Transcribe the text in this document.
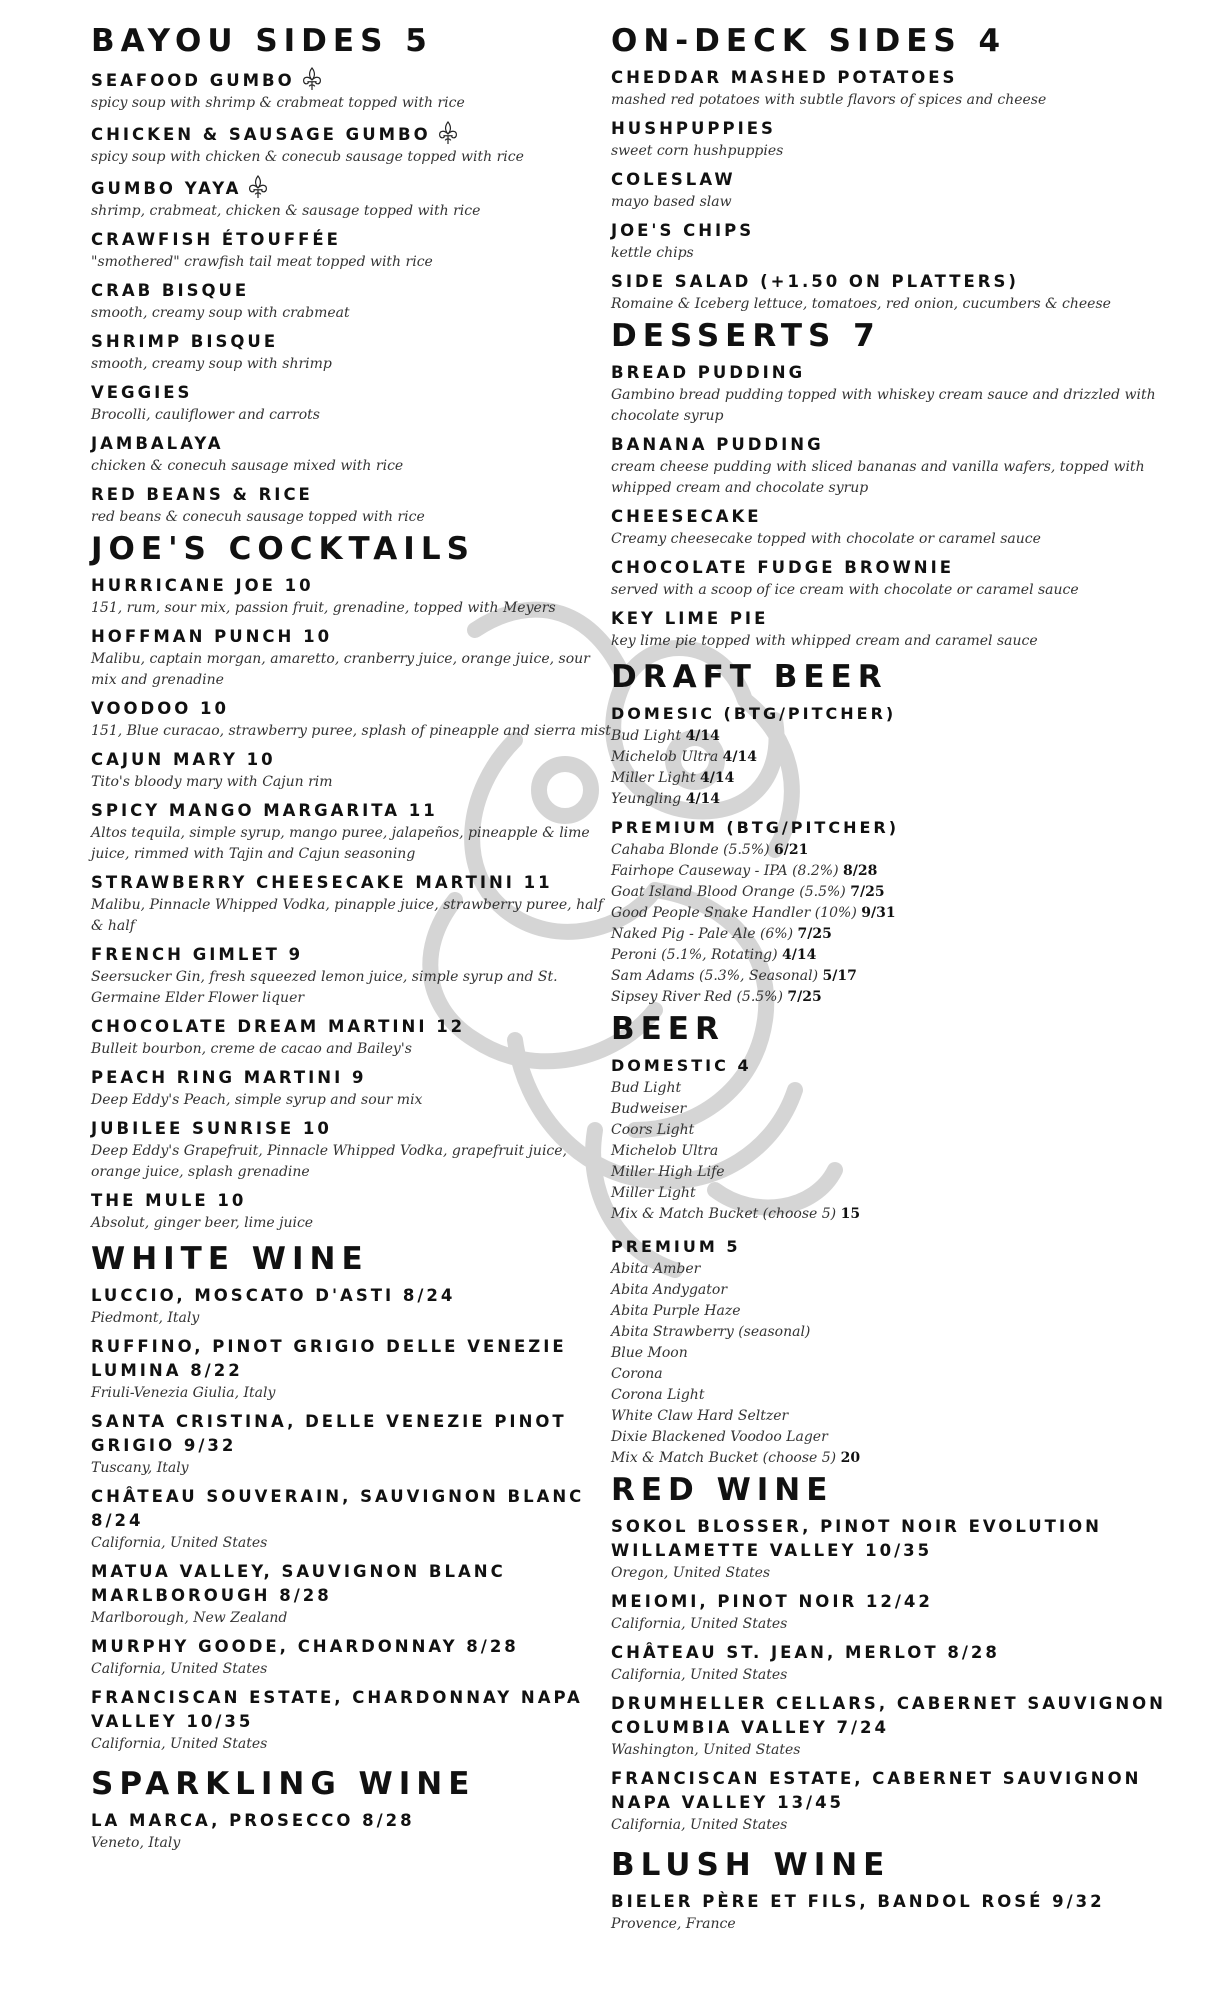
BAYOU SIDES 5
SEAFOOD GUMBO
spicy soup with shrimp & crabmeat topped with rice
CHICKEN & SAUSAGE GUMBO
spicy soup with chicken & conecub sausage topped with rice
GUMBO YAYA
shrimp, crabmeat, chicken & sausage topped with rice
CRAWFISH ÉTOUFFÉE
"smothered" crawfish tail meat topped with rice
CRAB BISQUE
smooth, creamy soup with crabmeat
SHRIMP BISQUE
smooth, creamy soup with shrimp
VEGGIES
Brocolli, cauliflower and carrots
JAMBALAYA
chicken & conecuh sausage mixed with rice
RED BEANS & RICE
red beans & conecuh sausage topped with rice
JOE'S COCKTAILS
HURRICANE JOE 10
151, rum, sour mix, passion fruit, grenadine, topped with Meyers
HOFFMAN PUNCH 10
Malibu, captain morgan, amaretto, cranberry juice, orange juice, sour mix and grenadine
VOODOO 10
151, Blue curacao, strawberry puree, splash of pineapple and sierra mist
CAJUN MARY 10
Tito's bloody mary with Cajun rim
SPICY MANGO MARGARITA 11
Altos tequila, simple syrup, mango puree, jalapeños, pineapple & lime juice, rimmed with Tajin and Cajun seasoning
STRAWBERRY CHEESECAKE MARTINI 11
Malibu, Pinnacle Whipped Vodka, pinapple juice, strawberry puree, half & half
FRENCH GIMLET 9
Seersucker Gin, fresh squeezed lemon juice, simple syrup and St. Germaine Elder Flower liquer
CHOCOLATE DREAM MARTINI 12
Bulleit bourbon, creme de cacao and Bailey's
PEACH RING MARTINI 9
Deep Eddy's Peach, simple syrup and sour mix
JUBILEE SUNRISE 10
Deep Eddy's Grapefruit, Pinnacle Whipped Vodka, grapefruit juice, orange juice, splash grenadine
THE MULE 10
Absolut, ginger beer, lime juice
WHITE WINE
LUCCIO, MOSCATO D'ASTI 8/24
Piedmont, Italy
RUFFINO, PINOT GRIGIO DELLE VENEZIE LUMINA 8/22
Friuli-Venezia Giulia, Italy
SANTA CRISTINA, DELLE VENEZIE PINOT GRIGIO 9/32
Tuscany, Italy
CHÂTEAU SOUVERAIN, SAUVIGNON BLANC 8/24
California, United States
MATUA VALLEY, SAUVIGNON BLANC MARLBOROUGH 8/28
Marlborough, New Zealand
MURPHY GOODE, CHARDONNAY 8/28
California, United States
FRANCISCAN ESTATE, CHARDONNAY NAPA VALLEY 10/35
California, United States
SPARKLING WINE
LA MARCA, PROSECCO 8/28
Veneto, Italy
ON-DECK SIDES 4
CHEDDAR MASHED POTATOES
mashed red potatoes with subtle flavors of spices and cheese
HUSHPUPPIES
sweet corn hushpuppies
COLESLAW
mayo based slaw
JOE'S CHIPS
kettle chips
SIDE SALAD (+1.50 ON PLATTERS)
Romaine & Iceberg lettuce, tomatoes, red onion, cucumbers & cheese
DESSERTS 7
BREAD PUDDING
Gambino bread pudding topped with whiskey cream sauce and drizzled with chocolate syrup
BANANA PUDDING
cream cheese pudding with sliced bananas and vanilla wafers, topped with whipped cream and chocolate syrup
CHEESECAKE
Creamy cheesecake topped with chocolate or caramel sauce
CHOCOLATE FUDGE BROWNIE
served with a scoop of ice cream with chocolate or caramel sauce
KEY LIME PIE
key lime pie topped with whipped cream and caramel sauce
DRAFT BEER
DOMESIC (BTG/PITCHER)
Bud Light 4/14
Michelob Ultra 4/14
Miller Light 4/14
Yeungling 4/14
PREMIUM (BTG/PITCHER)
Cahaba Blonde (5.5%) 6/21
Fairhope Causeway - IPA (8.2%) 8/28
Goat Island Blood Orange (5.5%) 7/25
Good People Snake Handler (10%) 9/31
Naked Pig - Pale Ale (6%) 7/25
Peroni (5.1%, Rotating) 4/14
Sam Adams (5.3%, Seasonal) 5/17
Sipsey River Red (5.5%) 7/25
BEER
DOMESTIC 4
Bud Light
Budweiser
Coors Light
Michelob Ultra
Miller High Life
Miller Light
Mix & Match Bucket (choose 5) 15
PREMIUM 5
Abita Amber
Abita Andygator
Abita Purple Haze
Abita Strawberry (seasonal)
Blue Moon
Corona
Corona Light
White Claw Hard Seltzer
Dixie Blackened Voodoo Lager
Mix & Match Bucket (choose 5) 20
RED WINE
SOKOL BLOSSER, PINOT NOIR EVOLUTION WILLAMETTE VALLEY 10/35
Oregon, United States
MEIOMI, PINOT NOIR 12/42
California, United States
CHÂTEAU ST. JEAN, MERLOT 8/28
California, United States
DRUMHELLER CELLARS, CABERNET SAUVIGNON COLUMBIA VALLEY 7/24
Washington, United States
FRANCISCAN ESTATE, CABERNET SAUVIGNON NAPA VALLEY 13/45
California, United States
BLUSH WINE
BIELER PÈRE ET FILS, BANDOL ROSÉ 9/32
Provence, France
